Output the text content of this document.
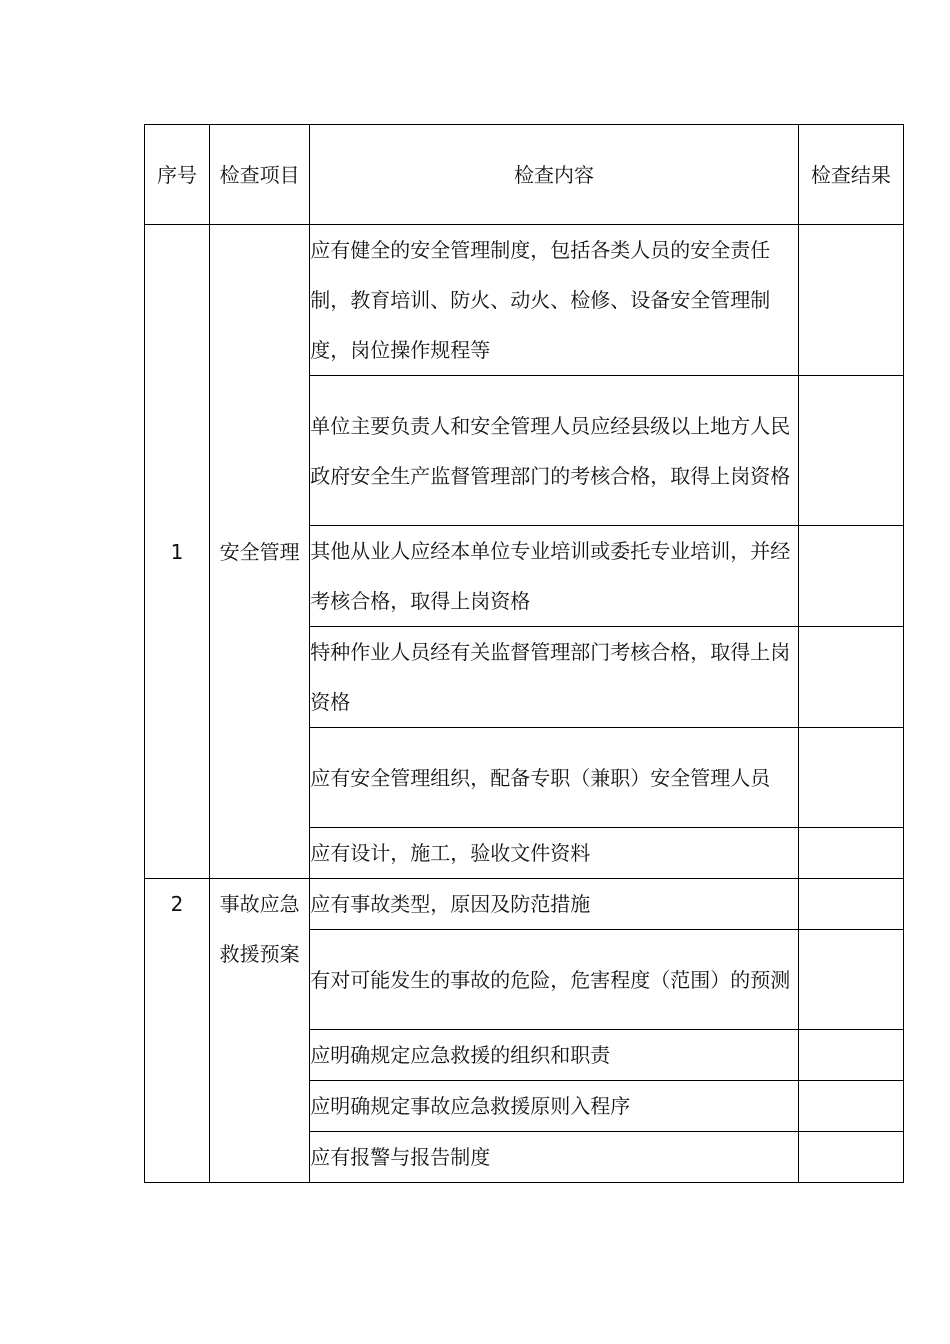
序号	检查项目	检查内容	检查结果
1	安全管理	应有健全的安全管理制度，包括各类人员的安全责任制，教育培训、防火、动火、检修、设备安全管理制度，岗位操作规程等	
		单位主要负责人和安全管理人员应经县级以上地方人民政府安全生产监督管理部门的考核合格，取得上岗资格	
		其他从业人应经本单位专业培训或委托专业培训，并经考核合格，取得上岗资格	
		特种作业人员经有关监督管理部门考核合格，取得上岗资格	
		应有安全管理组织，配备专职（兼职）安全管理人员	
		应有设计，施工，验收文件资料	
2	事故应急救援预案	应有事故类型，原因及防范措施	
		有对可能发生的事故的危险，危害程度（范围）的预测	
		应明确规定应急救援的组织和职责	
		应明确规定事故应急救援原则入程序	
		应有报警与报告制度	
